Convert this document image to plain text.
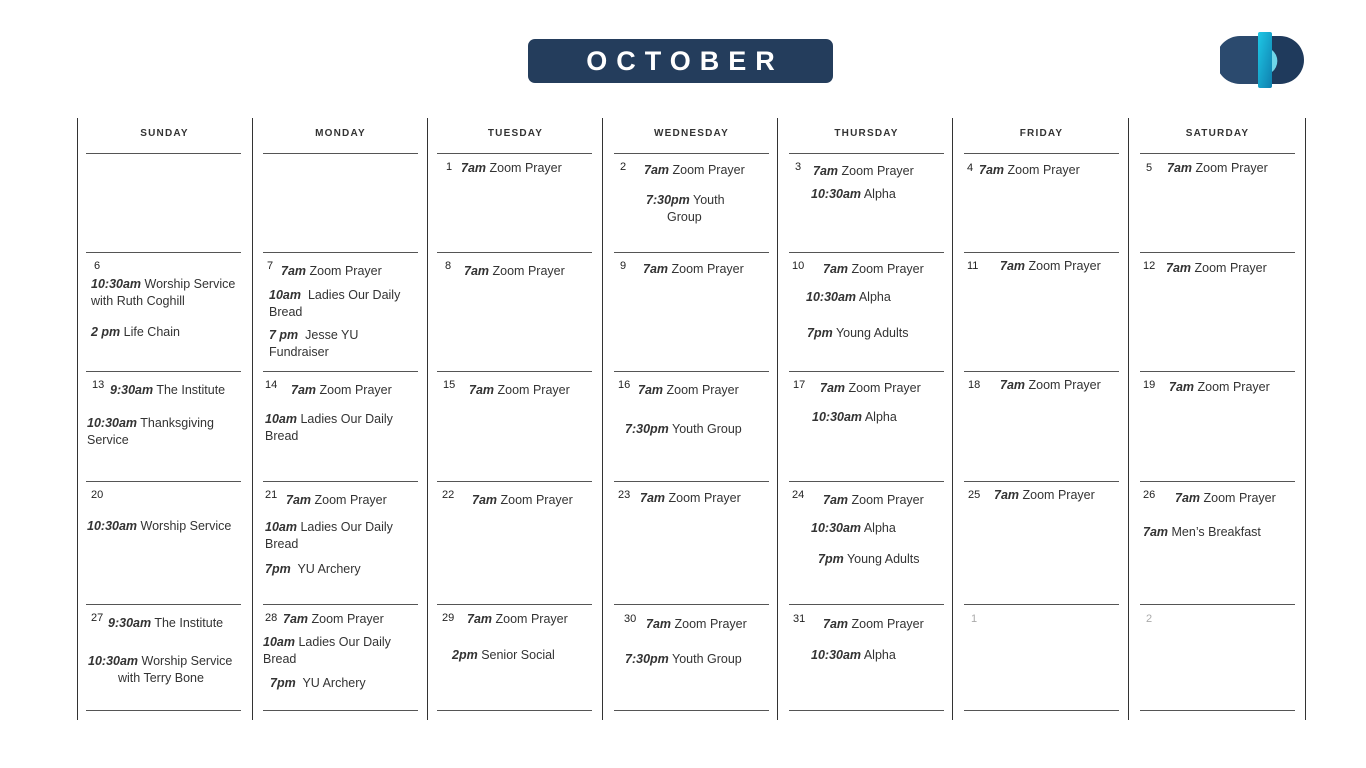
OCTOBER
SUNDAY
6
10:30am Worship Service
with Ruth Coghill
2 pm Life Chain
13 9:30am The Institute
10:30am Thanksgiving
Service
20
10:30am Worship Service
27 9:30am The Institute
10:30am Worship Service
with Terry Bone
MONDAY
7 7am Zoom Prayer
10am Ladies Our Daily
Bread
7 pm Jesse YU
Fundraiser
14 7am Zoom Prayer
10am Ladies Our Daily
Bread
21 7am Zoom Prayer
10am Ladies Our Daily
Bread
7pm YU Archery
28 7am Zoom Prayer
10am Ladies Our Daily
Bread
7pm YU Archery
TUESDAY
1 7am Zoom Prayer
8 7am Zoom Prayer
15 7am Zoom Prayer
22 7am Zoom Prayer
29 7am Zoom Prayer
2pm Senior Social
WEDNESDAY
2 7am Zoom Prayer
7:30pm Youth
Group
9 7am Zoom Prayer
16 7am Zoom Prayer
7:30pm Youth Group
23 7am Zoom Prayer
30 7am Zoom Prayer
7:30pm Youth Group
THURSDAY
3 7am Zoom Prayer
10:30am Alpha
10 7am Zoom Prayer
10:30am Alpha
7pm Young Adults
17 7am Zoom Prayer
10:30am Alpha
24 7am Zoom Prayer
10:30am Alpha
7pm Young Adults
31 7am Zoom Prayer
10:30am Alpha
FRIDAY
4 7am Zoom Prayer
11 7am Zoom Prayer
18 7am Zoom Prayer
25 7am Zoom Prayer
1
SATURDAY
5 7am Zoom Prayer
12 7am Zoom Prayer
19 7am Zoom Prayer
26 7am Zoom Prayer
7am Men’s Breakfast
2
